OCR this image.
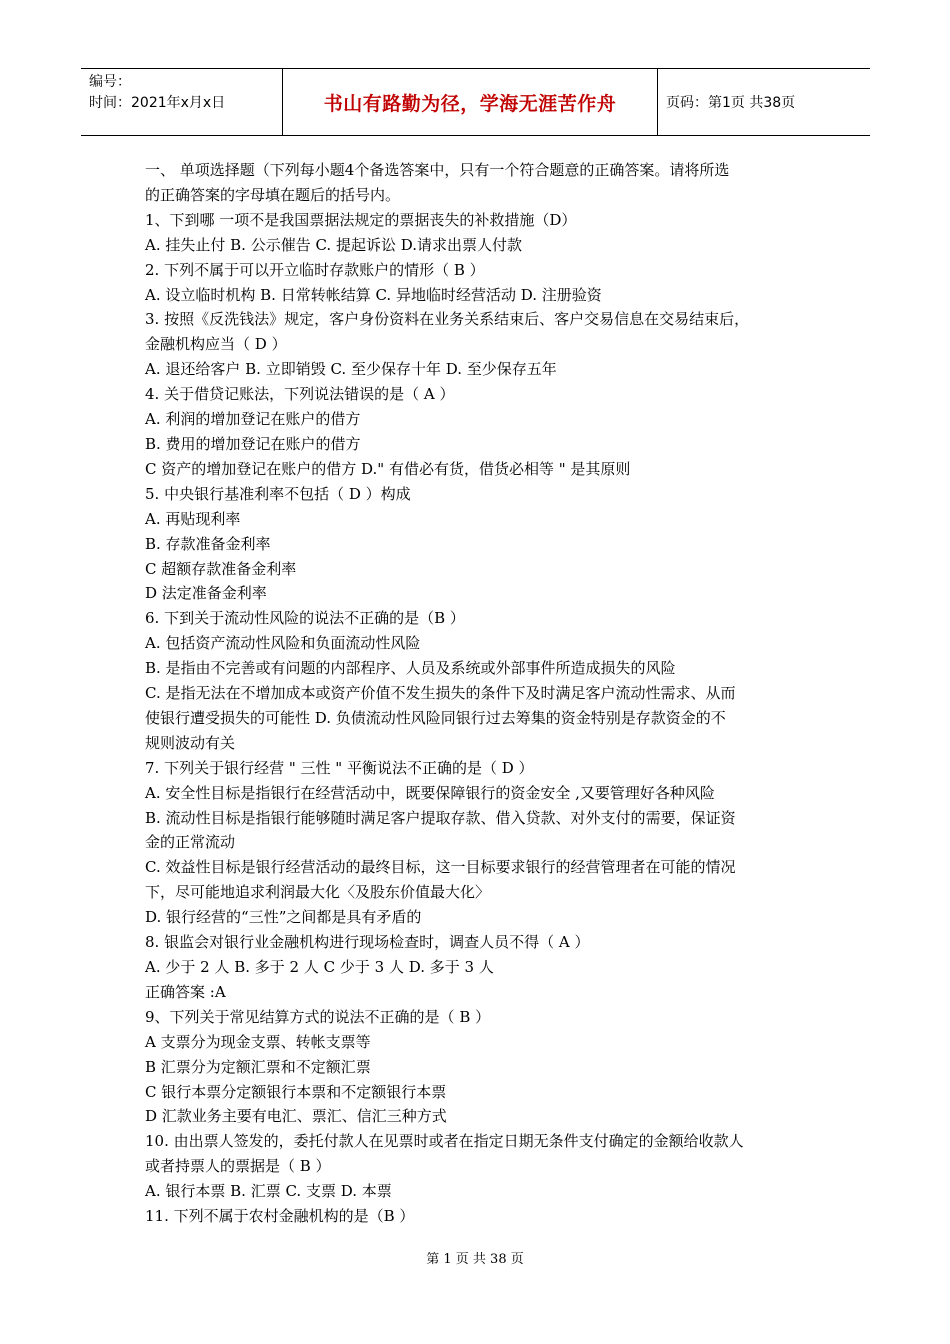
编号：
时间：2021年x月x日	书山有路勤为径，学海无涯苦作舟	页码：第1页 共38页

一、 单项选择题（下列每小题4个备选答案中，只有一个符合题意的正确答案。请将所选

的正确答案的字母填在题后的括号内。

1、下到哪 一项不是我国票据法规定的票据丧失的补救措施（D）

A. 挂失止付 B. 公示催告 C. 提起诉讼 D.请求出票人付款

2. 下列不属于可以开立临时存款账户的情形（ B ）

A. 设立临时机构 B. 日常转帐结算 C. 异地临时经营活动 D. 注册验资

3. 按照《反洗钱法》规定，客户身份资料在业务关系结束后、客户交易信息在交易结束后，

金融机构应当（ D ）

A. 退还给客户 B. 立即销毁 C. 至少保存十年 D. 至少保存五年

4. 关于借贷记账法，下列说法错误的是（ A ）

A. 利润的增加登记在账户的借方

B. 费用的增加登记在账户的借方

C 资产的增加登记在账户的借方 D." 有借必有货，借货必相等 " 是其原则

5. 中央银行基准利率不包括（ D ）构成

A. 再贴现利率

B. 存款准备金利率

C 超额存款准备金利率

D 法定准备金利率

6. 下到关于流动性风险的说法不正确的是（B ）

A. 包括资产流动性风险和负面流动性风险

B. 是指由不完善或有问题的内部程序、人员及系统或外部事件所造成损失的风险

C. 是指无法在不增加成本或资产价值不发生损失的条件下及时满足客户流动性需求、从而

使银行遭受损失的可能性 D. 负债流动性风险同银行过去筹集的资金特别是存款资金的不

规则波动有关

7. 下列关于银行经营 " 三性 " 平衡说法不正确的是（ D ）

A. 安全性目标是指银行在经营活动中，既要保障银行的资金安全 ,又要管理好各种风险

B. 流动性目标是指银行能够随时满足客户提取存款、借入贷款、对外支付的需要，保证资

金的正常流动

C. 效益性目标是银行经营活动的最终目标，这一目标要求银行的经营管理者在可能的情况

下，尽可能地追求利润最大化〈及股东价值最大化〉

D. 银行经营的“三性”之间都是具有矛盾的

8. 银监会对银行业金融机构进行现场检查时，调查人员不得（ A ）

A. 少于 2 人 B. 多于 2 人 C 少于 3 人 D. 多于 3 人

正确答案 :A

9、下列关于常见结算方式的说法不正确的是（ B ）

A 支票分为现金支票、转帐支票等

B 汇票分为定额汇票和不定额汇票

C 银行本票分定额银行本票和不定额银行本票

D 汇款业务主要有电汇、票汇、信汇三种方式

10. 由出票人签发的，委托付款人在见票时或者在指定日期无条件支付确定的金额给收款人

或者持票人的票据是（ B ）

A. 银行本票 B. 汇票 C. 支票 D. 本票

11. 下列不属于农村金融机构的是（B ）

第 1 页 共 38 页
